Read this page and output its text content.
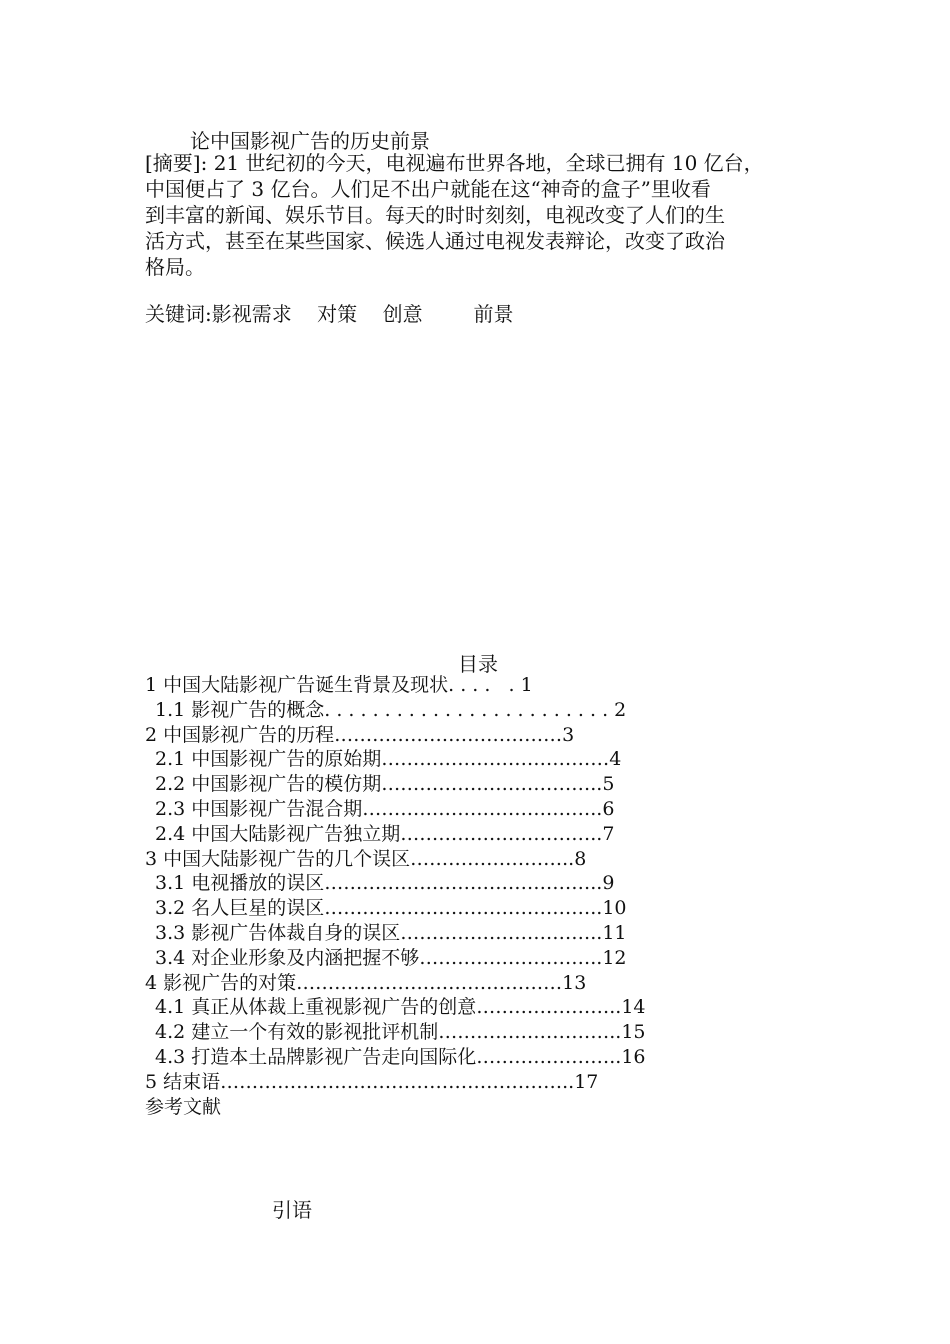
论中国影视广告的历史前景

[摘要]: 21 世纪初的今天，电视遍布世界各地，全球已拥有 10 亿台，

中国便占了 3 亿台。人们足不出户就能在这“神奇的盒子”里收看

到丰富的新闻、娱乐节目。每天的时时刻刻，电视改变了人们的生

活方式，甚至在某些国家、候选人通过电视发表辩论，改变了政治

格局。

关键词:影视需求    对策    创意        前景
目录
1 中国大陆影视广告诞生背景及现状. . . .   . 1
1.1 影视广告的概念. . . . . . . . . . . . . . . . . . . . . . . . 2
2 中国影视广告的历程………………………………3
2.1 中国影视广告的原始期………………………………4
2.2 中国影视广告的模仿期……………………………..5
2.3 中国影视广告混合期………………………………..6
2.4 中国大陆影视广告独立期…………………………..7
3 中国大陆影视广告的几个误区……………………..8
3.1 电视播放的误区……………………………………..9
3.2 名人巨星的误区……………………………………..10
3.3 影视广告体裁自身的误区…………………………..11
3.4 对企业形象及内涵把握不够………………………..12
4 影视广告的对策……………………………………13
4.1 真正从体裁上重视影视广告的创意…………………..14
4.2 建立一个有效的影视批评机制………………………..15
4.3 打造本土品牌影视广告走向国际化…………………..16
5 结束语………………………………………………..17
参考文献
引语
